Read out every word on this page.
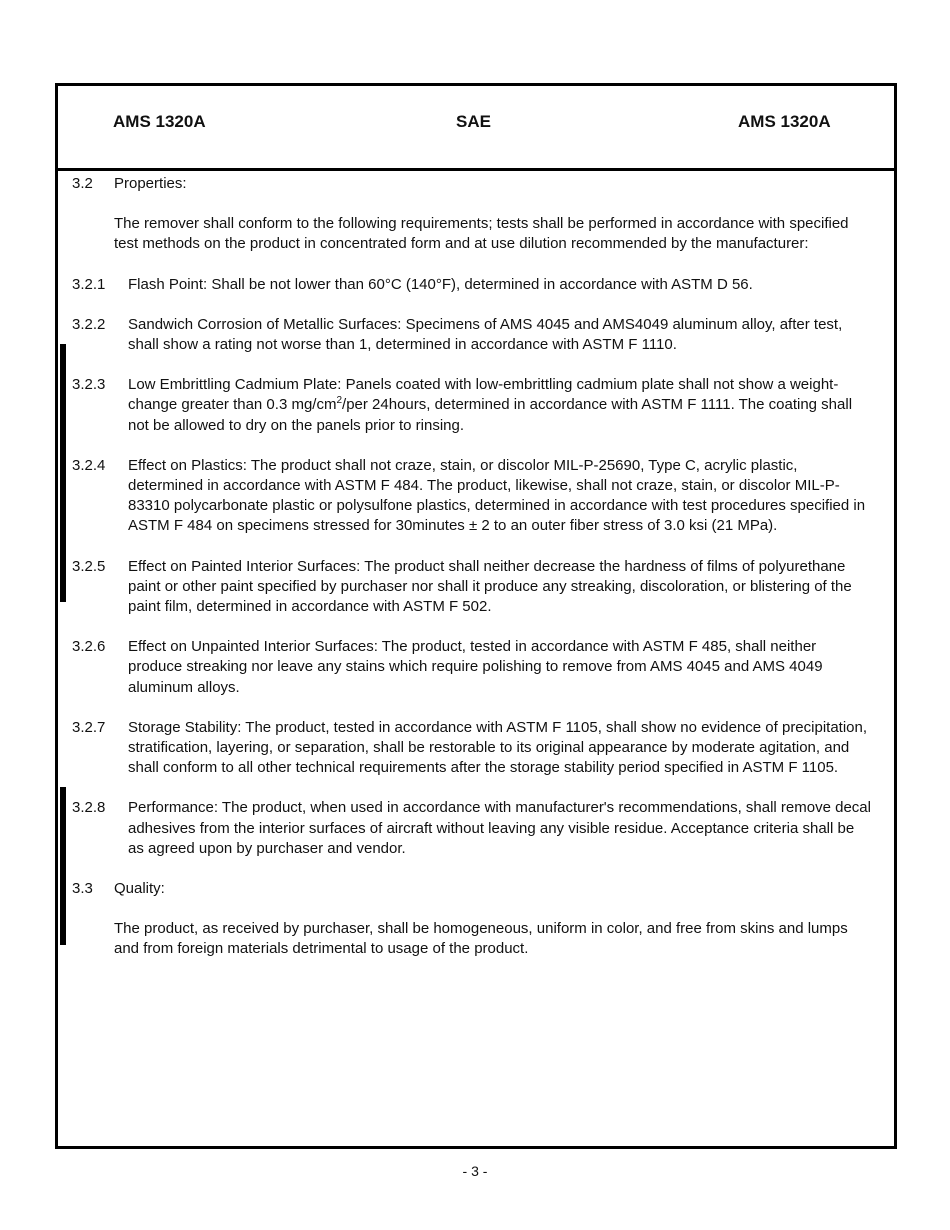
AMS 1320A	SAE	AMS 1320A
3.2	Properties:
The remover shall conform to the following requirements; tests shall be performed in accordance with specified test methods on the product in concentrated form and at use dilution recommended by the manufacturer:
3.2.1	Flash Point: Shall be not lower than 60°C (140°F), determined in accordance with ASTM D 56.
3.2.2	Sandwich Corrosion of Metallic Surfaces: Specimens of AMS 4045 and AMS4049 aluminum alloy, after test, shall show a rating not worse than 1, determined in accordance with ASTM F 1110.
3.2.3	Low Embrittling Cadmium Plate: Panels coated with low-embrittling cadmium plate shall not show a weight-change greater than 0.3 $mg/cm^2$/per 24hours, determined in accordance with ASTM F 1111. The coating shall not be allowed to dry on the panels prior to rinsing.
3.2.4	Effect on Plastics: The product shall not craze, stain, or discolor MIL-P-25690, Type C, acrylic plastic, determined in accordance with ASTM F 484. The product, likewise, shall not craze, stain, or discolor MIL-P-83310 polycarbonate plastic or polysulfone plastics, determined in accordance with test procedures specified in ASTM F 484 on specimens stressed for 30minutes ± 2 to an outer fiber stress of 3.0 ksi (21 MPa).
3.2.5	Effect on Painted Interior Surfaces: The product shall neither decrease the hardness of films of polyurethane paint or other paint specified by purchaser nor shall it produce any streaking, discoloration, or blistering of the paint film, determined in accordance with ASTM F 502.
3.2.6	Effect on Unpainted Interior Surfaces: The product, tested in accordance with ASTM F 485, shall neither produce streaking nor leave any stains which require polishing to remove from AMS 4045 and AMS 4049 aluminum alloys.
3.2.7	Storage Stability: The product, tested in accordance with ASTM F 1105, shall show no evidence of precipitation, stratification, layering, or separation, shall be restorable to its original appearance by moderate agitation, and shall conform to all other technical requirements after the storage stability period specified in ASTM F 1105.
3.2.8	Performance: The product, when used in accordance with manufacturer's recommendations, shall remove decal adhesives from the interior surfaces of aircraft without leaving any visible residue. Acceptance criteria shall be as agreed upon by purchaser and vendor.
3.3	Quality:
The product, as received by purchaser, shall be homogeneous, uniform in color, and free from skins and lumps and from foreign materials detrimental to usage of the product.
- 3 -
